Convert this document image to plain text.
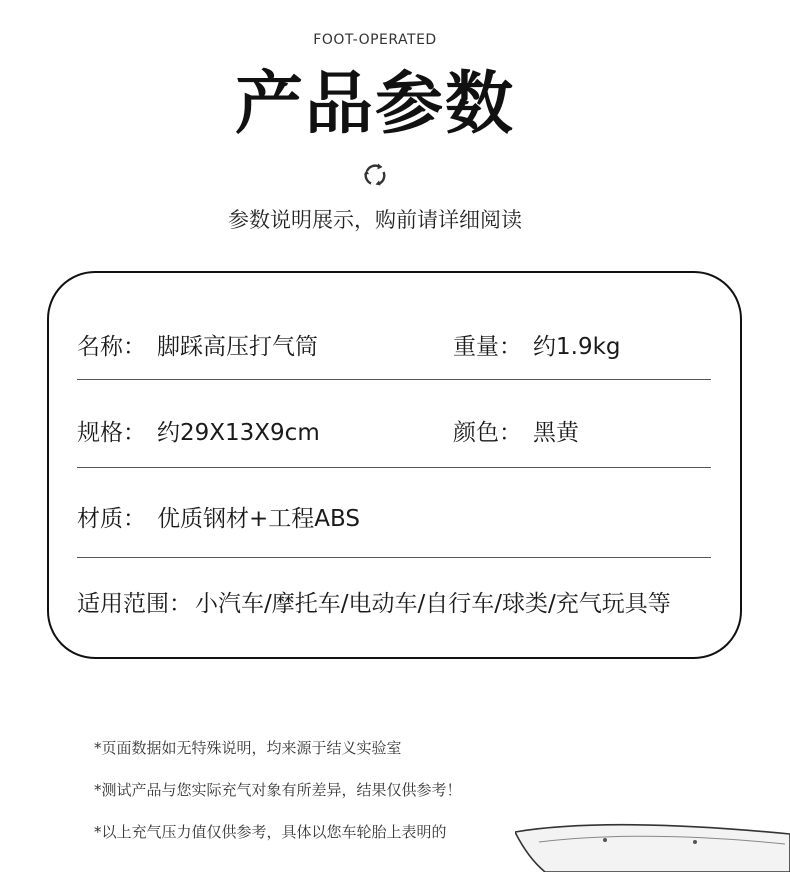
FOOT-OPERATED
产品参数
参数说明展示，购前请详细阅读
名称： 脚踩高压打气筒	重量： 约1.9kg
规格： 约29X13X9cm	颜色： 黑黄
材质： 优质钢材+工程ABS
适用范围： 小汽车/摩托车/电动车/自行车/球类/充气玩具等
*页面数据如无特殊说明，均来源于结义实验室
*测试产品与您实际充气对象有所差异，结果仅供参考！
*以上充气压力值仅供参考，具体以您车轮胎上表明的
